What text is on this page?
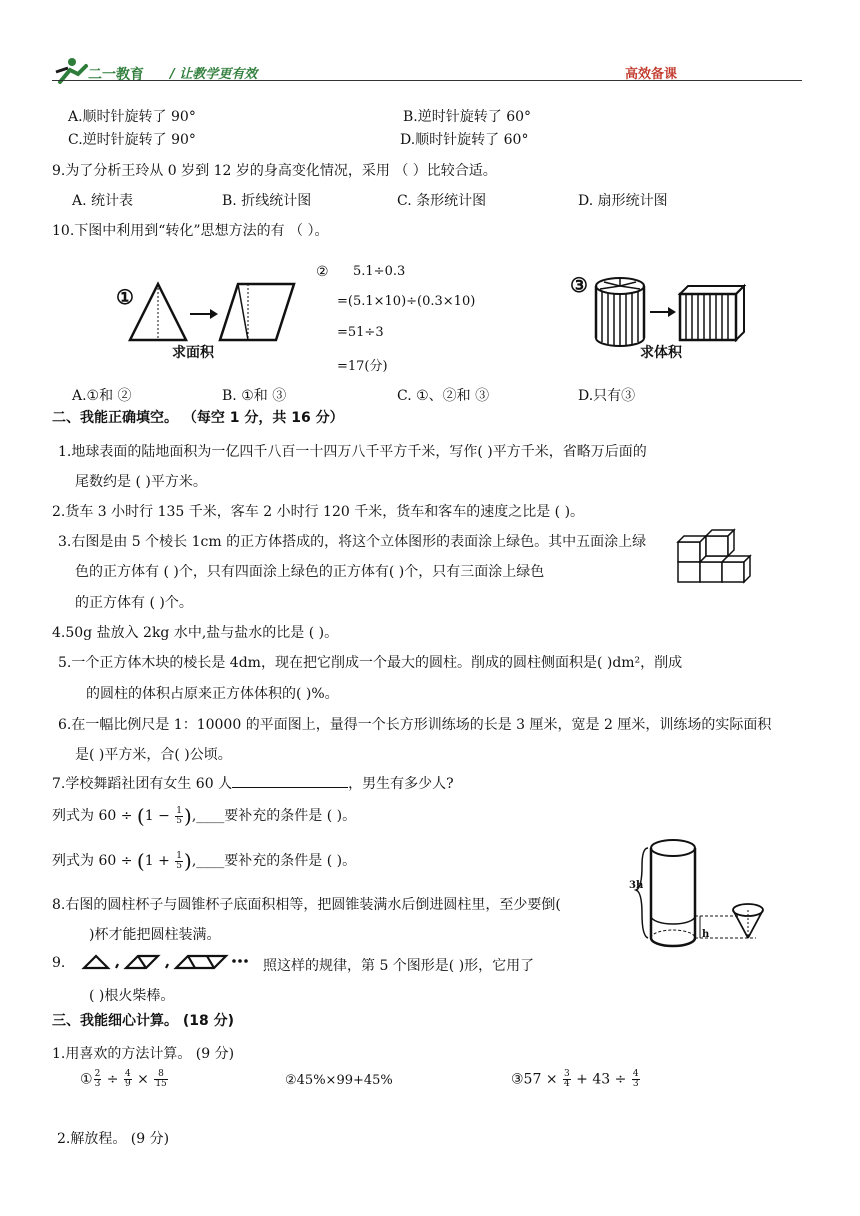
二一教育 / 让教学更有效	高效备课
A.顺时针旋转了 90°	B.逆时针旋转了 60°
C.逆时针旋转了 90°	D.顺时针旋转了 60°
9.为了分析王玲从 0 岁到 12 岁的身高变化情况，采用 （ ）比较合适。
A. 统计表	B. 折线统计图	C. 条形统计图	D. 扇形统计图
10.下图中利用到“转化”思想方法的有 （ ）。
①
求面积
② 5.1÷0.3
=(5.1×10)÷(0.3×10)
=51÷3
=17(分)
③
求体积
A.①和 ②	B. ①和 ③	C. ①、②和 ③	D.只有③
二、我能正确填空。 （每空 1 分，共 16 分）
1.地球表面的陆地面积为一亿四千八百一十四万八千平方千米，写作( )平方千米，省略万后面的
尾数约是 ( )平方米。
2.货车 3 小时行 135 千米，客车 2 小时行 120 千米，货车和客车的速度之比是 ( )。
3.右图是由 5 个棱长 1cm 的正方体搭成的，将这个立体图形的表面涂上绿色。其中五面涂上绿
色的正方体有 ( )个，只有四面涂上绿色的正方体有( )个，只有三面涂上绿色
的正方体有 ( )个。
4.50g 盐放入 2kg 水中,盐与盐水的比是 ( )。
5.一个正方体木块的棱长是 4dm，现在把它削成一个最大的圆柱。削成的圆柱侧面积是( )dm²，削成
的圆柱的体积占原来正方体体积的( )%。
6.在一幅比例尺是 1：10000 的平面图上，量得一个长方形训练场的长是 3 厘米，宽是 2 厘米，训练场的实际面积
是( )平方米，合( )公顷。
7.学校舞蹈社团有女生 60 人	，男生有多少人?
列式为 $60 \div (1 - \frac{1}{5}$ ),____要补充的条件是 ( )。
列式为 $60 \div (1 + \frac{1}{5}$ ),____要补充的条件是 ( )。
3h
h
8.右图的圆柱杯子与圆锥杯子底面积相等，把圆锥装满水后倒进圆柱里，至少要倒(
)杯才能把圆柱装满。
9.	照这样的规律，第 5 个图形是( )形，它用了
( )根火柴棒。
三、我能细心计算。 (18 分)
1.用喜欢的方法计算。 (9 分)
① $\frac{2}{3} \div \frac{4}{9} \times \frac{8}{15}$	②45%×99+45%	③57 × $\frac{3}{4} + 43 \div \frac{4}{3}$
2.解放程。 (9 分)
